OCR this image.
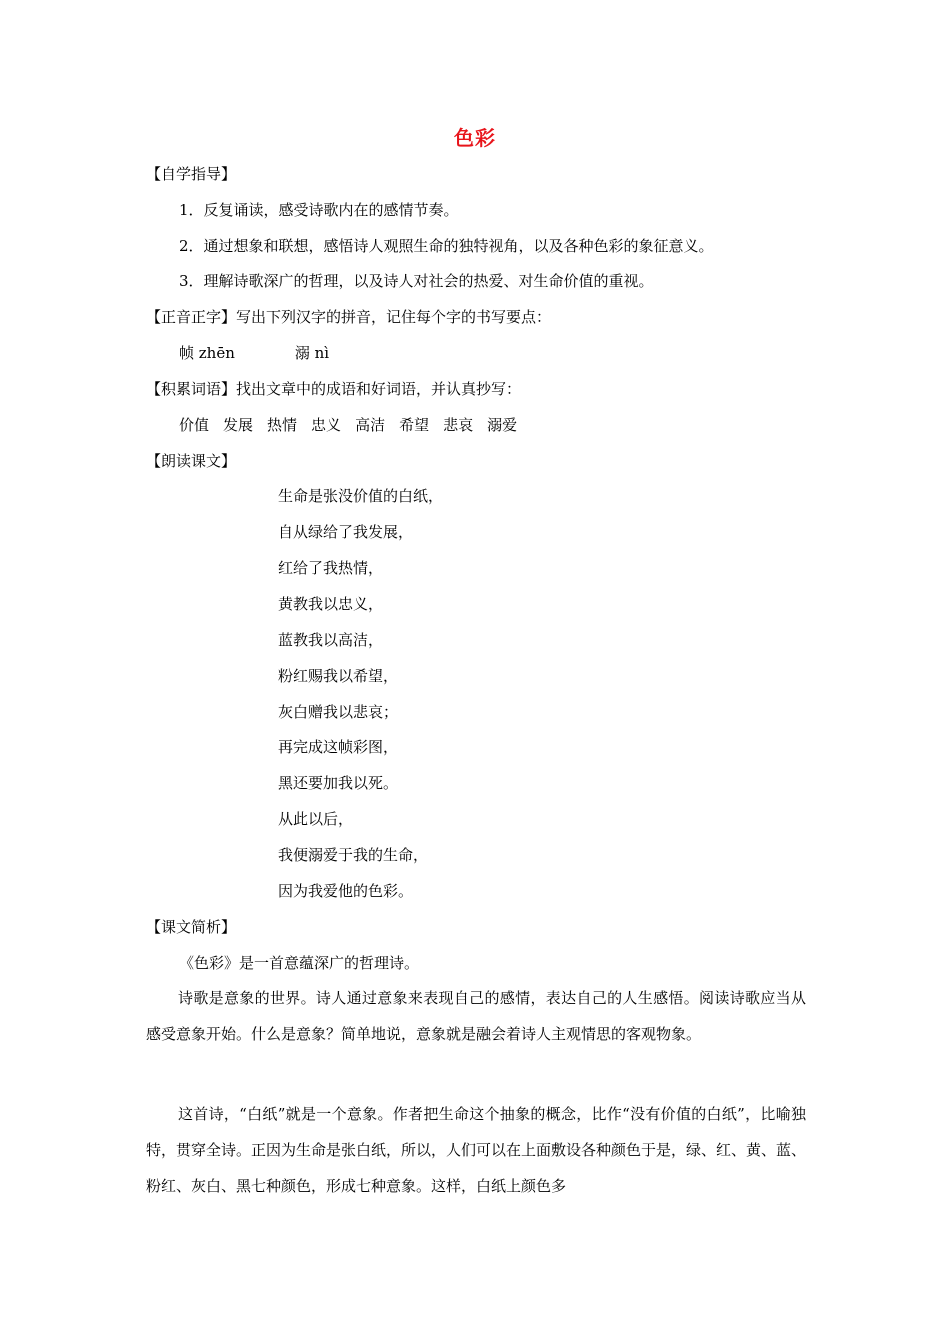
色彩
【自学指导】
1．反复诵读，感受诗歌内在的感情节奏。
2．通过想象和联想，感悟诗人观照生命的独特视角，以及各种色彩的象征意义。
3．理解诗歌深广的哲理，以及诗人对社会的热爱、对生命价值的重视。
【正音正字】写出下列汉字的拼音，记住每个字的书写要点：
帧 zhēn	溺 nì
【积累词语】找出文章中的成语和好词语，并认真抄写：
价值 发展 热情 忠义 高洁 希望 悲哀 溺爱
【朗读课文】
生命是张没价值的白纸，
自从绿给了我发展，
红给了我热情，
黄教我以忠义，
蓝教我以高洁，
粉红赐我以希望，
灰白赠我以悲哀；
再完成这帧彩图，
黑还要加我以死。
从此以后，
我便溺爱于我的生命，
因为我爱他的色彩。
【课文简析】
《色彩》是一首意蕴深广的哲理诗。
诗歌是意象的世界。诗人通过意象来表现自己的感情，表达自己的人生感悟。阅读诗歌应当从感受意象开始。什么是意象？简单地说，意象就是融会着诗人主观情思的客观物象。
这首诗，“白纸”就是一个意象。作者把生命这个抽象的概念，比作“没有价值的白纸”，比喻独特，贯穿全诗。正因为生命是张白纸，所以，人们可以在上面敷设各种颜色于是，绿、红、黄、蓝、粉红、灰白、黑七种颜色，形成七种意象。这样，白纸上颜色多
